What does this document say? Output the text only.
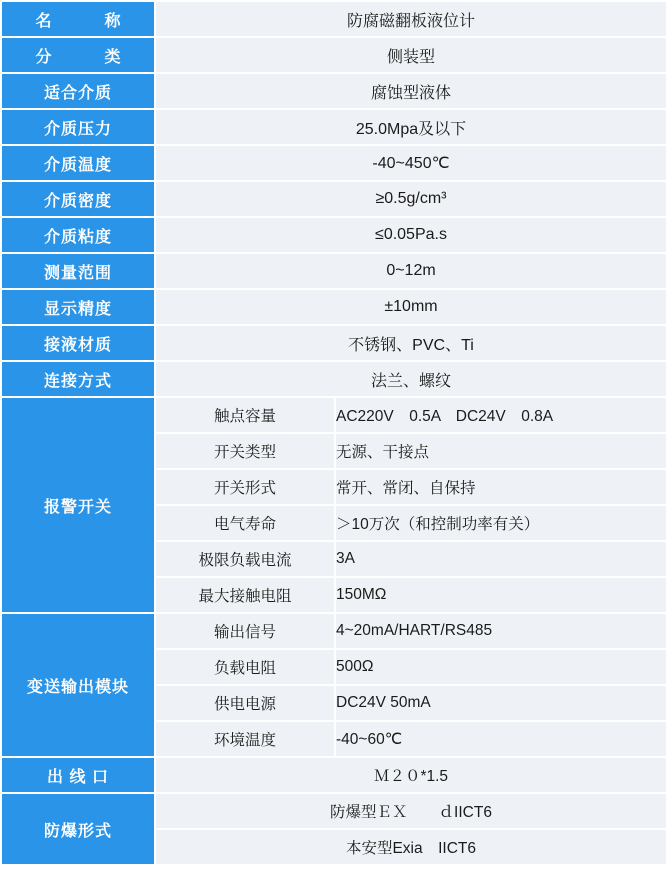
名　　称	防腐磁翻板液位计
分　　类	侧装型
适合介质	腐蚀型液体
介质压力	25.0Mpa及以下
介质温度	-40~450℃
介质密度	≥0.5g/cm³
介质粘度	≤0.05Pa.s
测量范围	0~12m
显示精度	±10mm
接液材质	不锈钢、PVC、Ti
连接方式	法兰、螺纹
报警开关	
触点容量	AC220V　0.5A　DC24V　0.8A
开关类型	无源、干接点
开关形式	常开、常闭、自保持
电气寿命	＞10万次（和控制功率有关）
极限负载电流	3A
最大接触电阻	150MΩ

变送输出模块	
输出信号	4~20mA/HART/RS485
负载电阻	500Ω
供电电源	DC24V 50mA
环境温度	-40~60℃

出 线 口		Ｍ２０*1.5

防爆形式	
防爆型ＥＸ　　ｄIICT6
本安型Exia　IICT6
